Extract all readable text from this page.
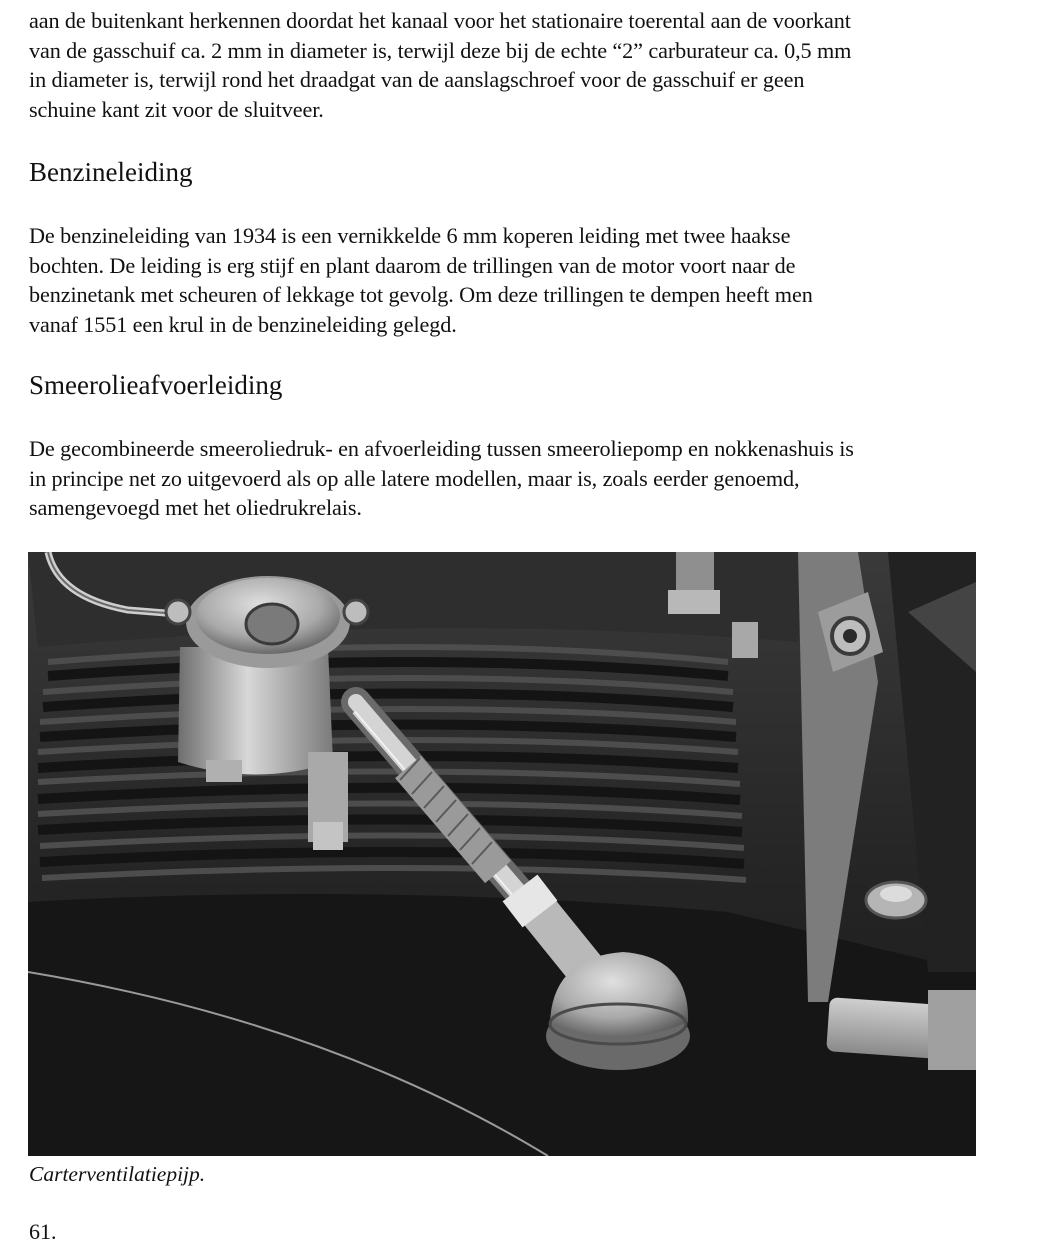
aan de buitenkant herkennen doordat het kanaal voor het stationaire toerental aan de voorkant
van de gasschuif ca. 2 mm in diameter is, terwijl deze bij de echte “2” carburateur ca. 0,5 mm
in diameter is, terwijl rond het draadgat van de aanslagschroef voor de gasschuif er geen
schuine kant zit voor de sluitveer.

Benzineleiding

De benzineleiding van 1934 is een vernikkelde 6 mm koperen leiding met twee haakse
bochten. De leiding is erg stijf en plant daarom de trillingen van de motor voort naar de
benzinetank met scheuren of lekkage tot gevolg. Om deze trillingen te dempen heeft men
vanaf 1551 een krul in de benzineleiding gelegd.

Smeerolieafvoerleiding

De gecombineerde smeeroliedruk- en afvoerleiding tussen smeeroliepomp en nokkenashuis is
in principe net zo uitgevoerd als op alle latere modellen, maar is, zoals eerder genoemd,
samengevoegd met het oliedrukrelais.

Carterventilatiepijp.

61.
